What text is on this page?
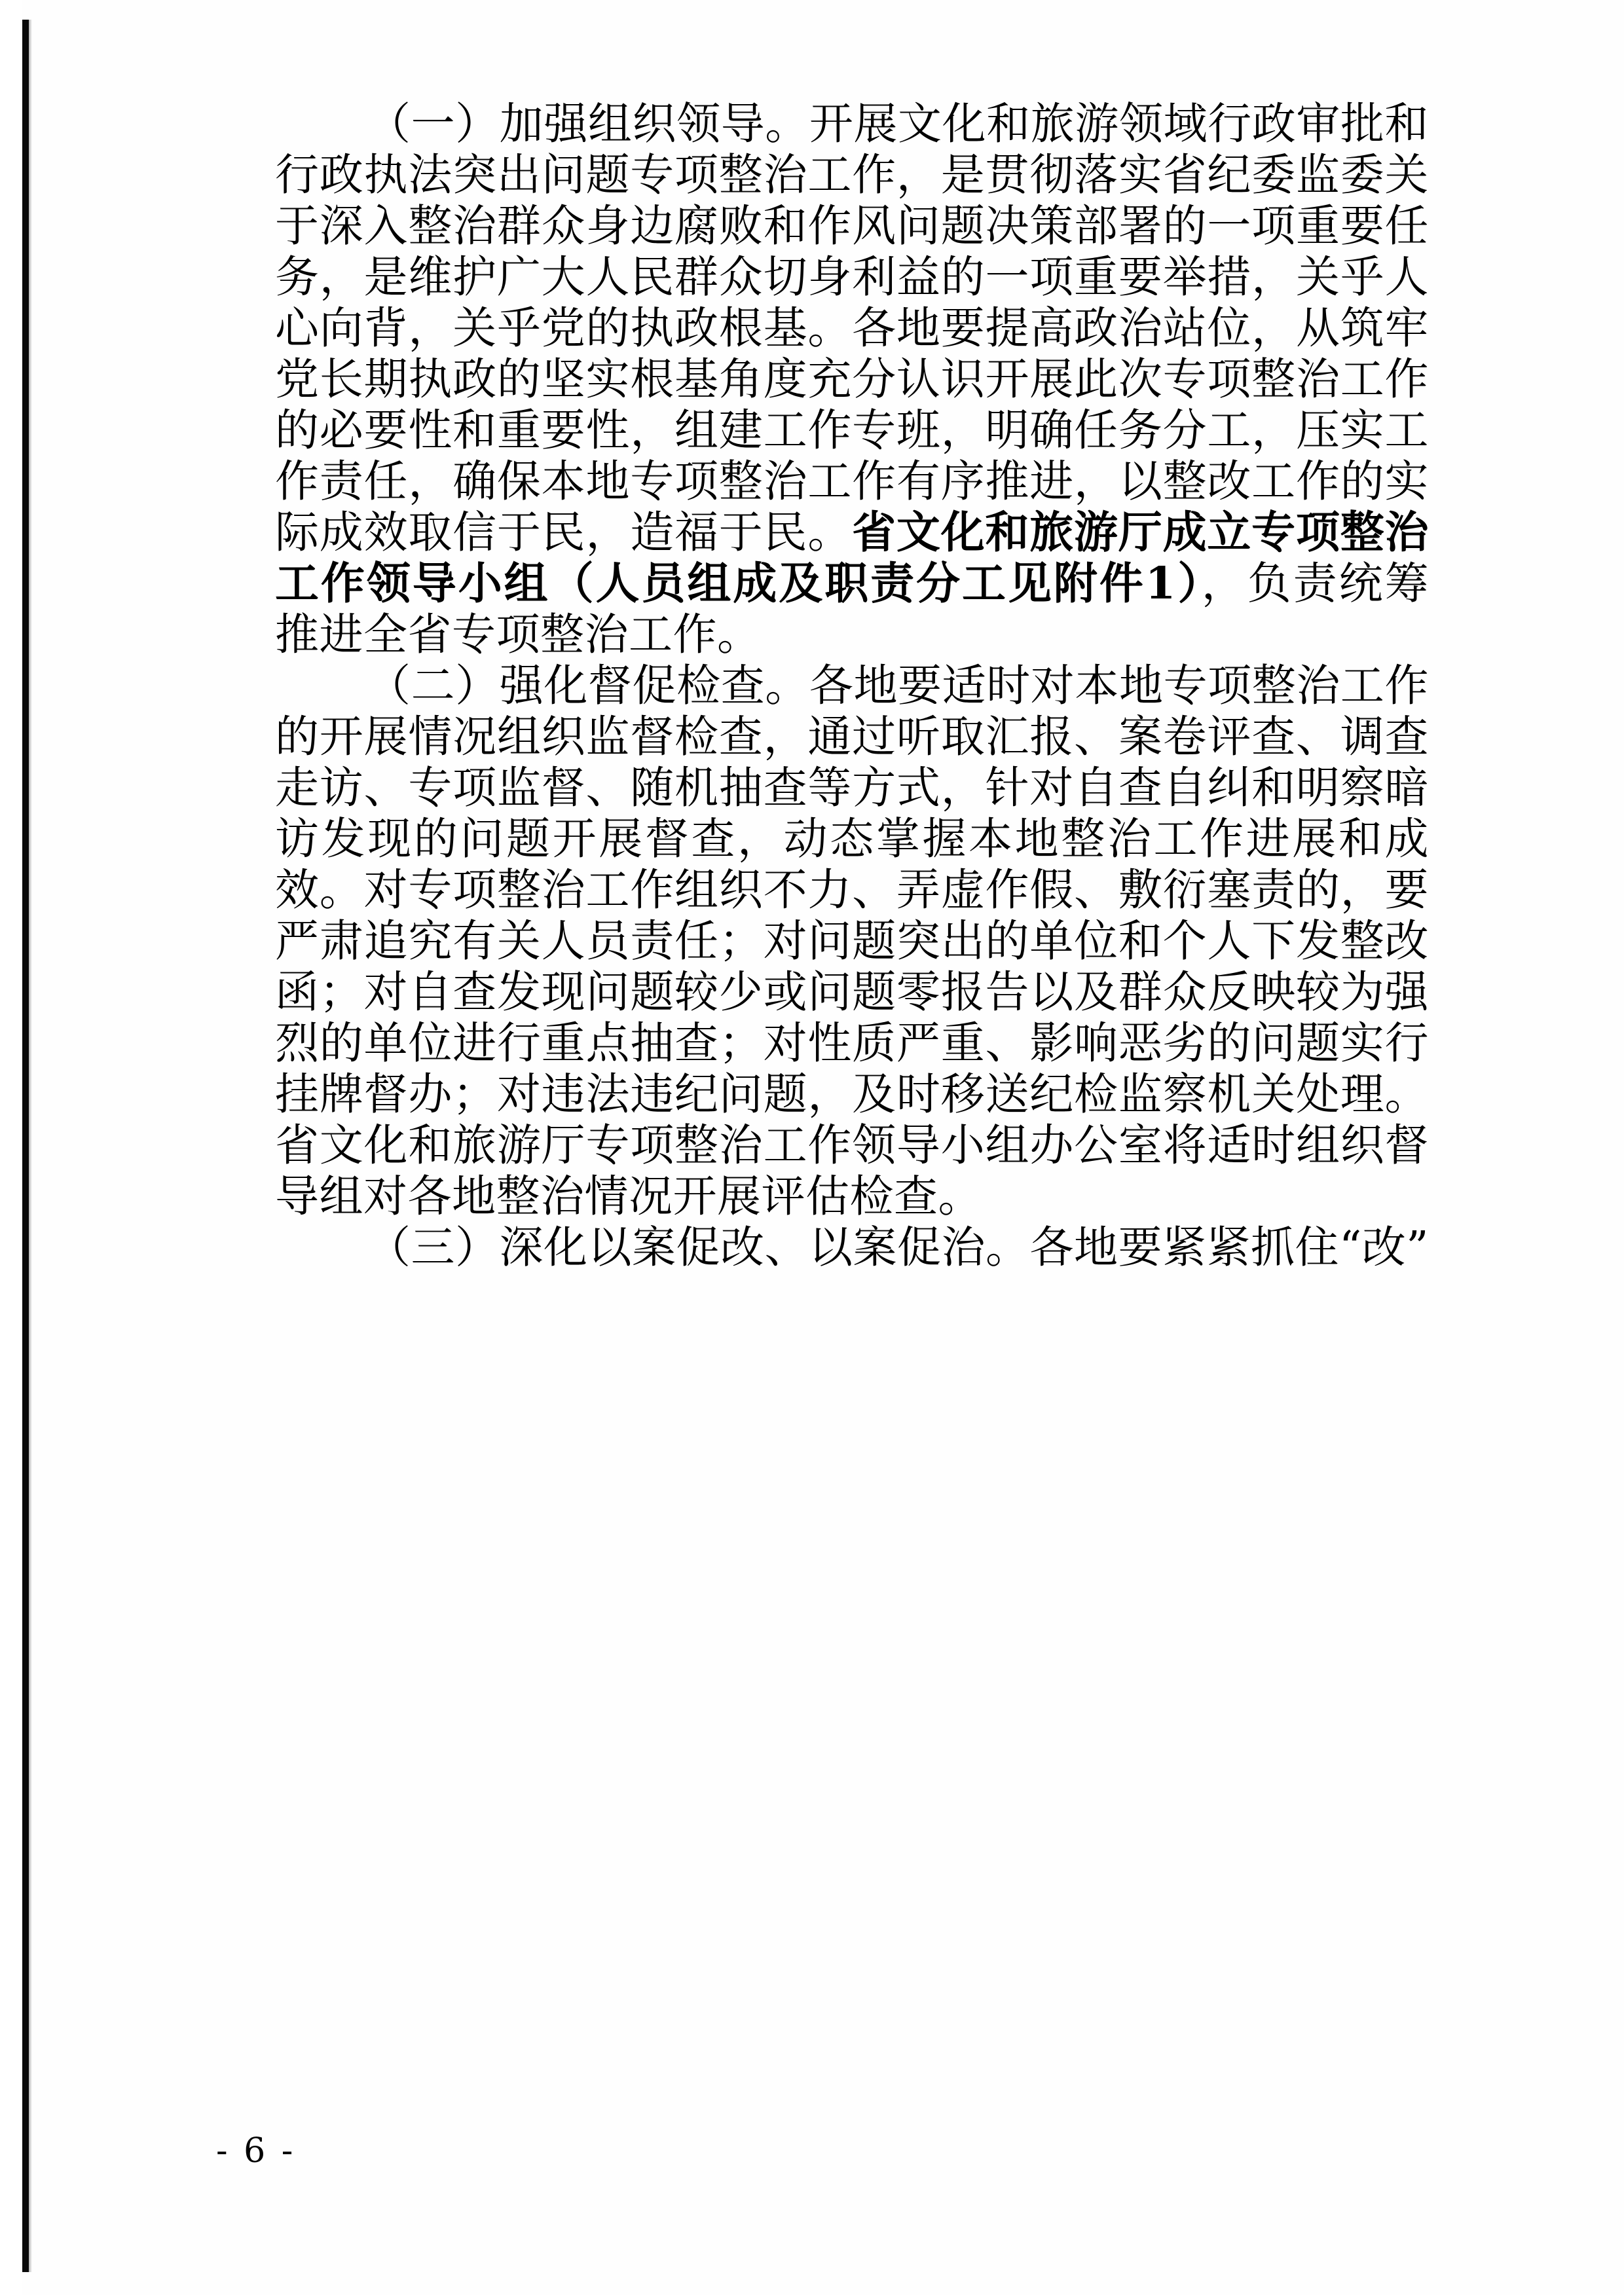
（一）加强组织领导。开展文化和旅游领域行政审批和行政执法突出问题专项整治工作，是贯彻落实省纪委监委关于深入整治群众身边腐败和作风问题决策部署的一项重要任务，是维护广大人民群众切身利益的一项重要举措，关乎人心向背，关乎党的执政根基。各地要提高政治站位，从筑牢党长期执政的坚实根基角度充分认识开展此次专项整治工作的必要性和重要性，组建工作专班，明确任务分工，压实工作责任，确保本地专项整治工作有序推进，以整改工作的实际成效取信于民，造福于民。省文化和旅游厅成立专项整治工作领导小组（人员组成及职责分工见附件1），负责统筹推进全省专项整治工作。

（二）强化督促检查。各地要适时对本地专项整治工作的开展情况组织监督检查，通过听取汇报、案卷评查、调查走访、专项监督、随机抽查等方式，针对自查自纠和明察暗访发现的问题开展督查，动态掌握本地整治工作进展和成效。对专项整治工作组织不力、弄虚作假、敷衍塞责的，要严肃追究有关人员责任；对问题突出的单位和个人下发整改函；对自查发现问题较少或问题零报告以及群众反映较为强烈的单位进行重点抽查；对性质严重、影响恶劣的问题实行挂牌督办；对违法违纪问题，及时移送纪检监察机关处理。省文化和旅游厅专项整治工作领导小组办公室将适时组织督导组对各地整治情况开展评估检查。

（三）深化以案促改、以案促治。各地要紧紧抓住“改”

- 6 -
